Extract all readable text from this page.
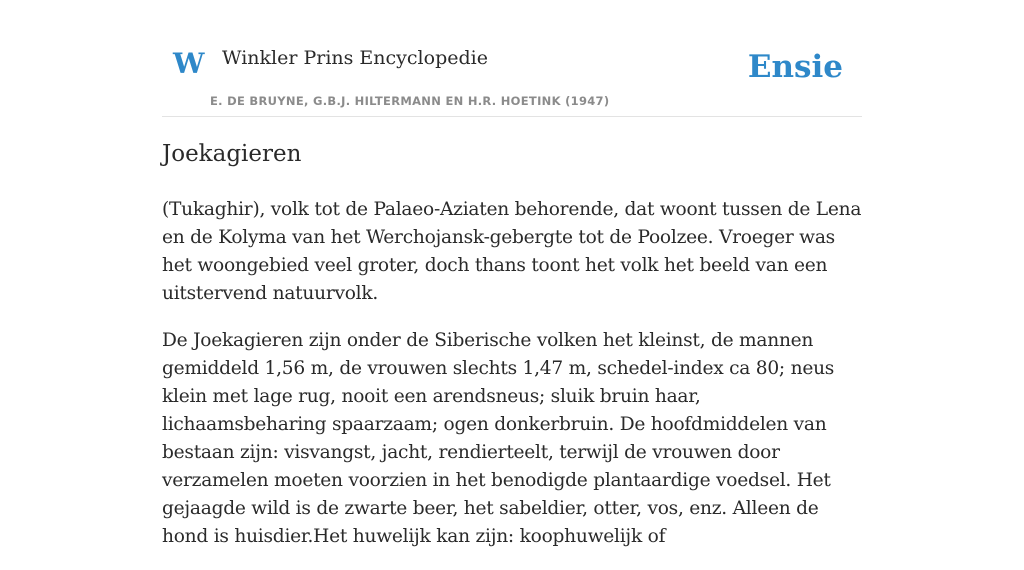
W Winkler Prins Encyclopedie
E. DE BRUYNE, G.B.J. HILTERMANN EN H.R. HOETINK (1947)
Ensie
Joekagieren

(Tukaghir), volk tot de Palaeo-Aziaten behorende, dat woont tussen de Lena en de Kolyma van het Werchojansk-gebergte tot de Poolzee. Vroeger was het woongebied veel groter, doch thans toont het volk het beeld van een uitstervend natuurvolk.

De Joekagieren zijn onder de Siberische volken het kleinst, de mannen gemiddeld 1,56 m, de vrouwen slechts 1,47 m, schedel-index ca 80; neus klein met lage rug, nooit een arendsneus; sluik bruin haar, lichaamsbeharing spaarzaam; ogen donkerbruin. De hoofdmiddelen van bestaan zijn: visvangst, jacht, rendierteelt, terwijl de vrouwen door verzamelen moeten voorzien in het benodigde plantaardige voedsel. Het gejaagde wild is de zwarte beer, het sabeldier, otter, vos, enz. Alleen de hond is huisdier.Het huwelijk kan zijn: koophuwelijk of
